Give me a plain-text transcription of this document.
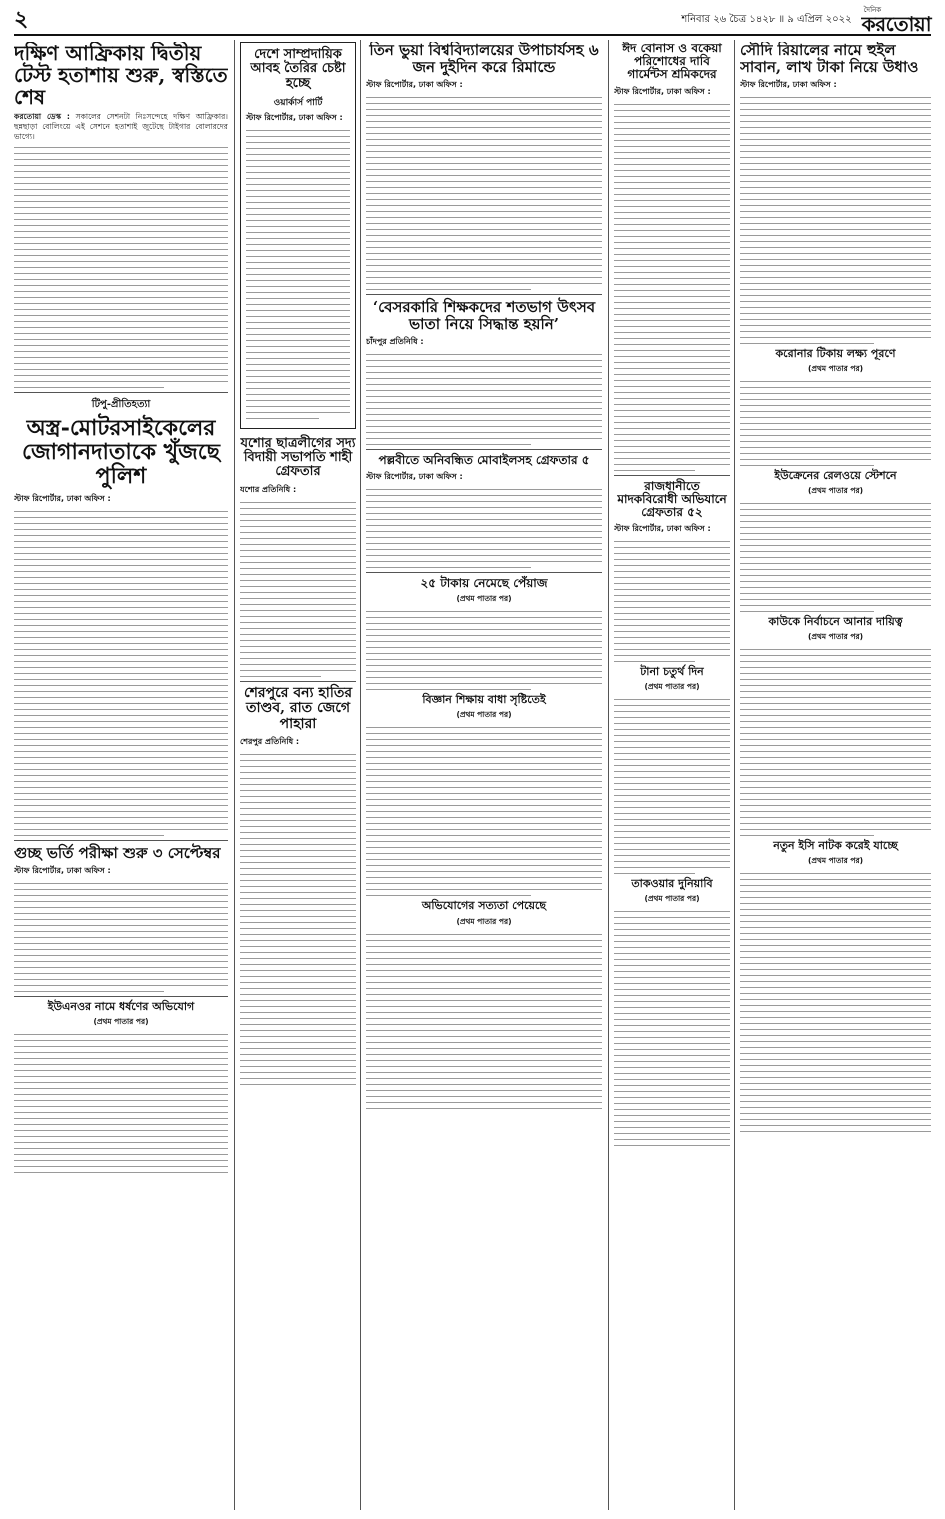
২	শনিবার ২৬ চৈত্র ১৪২৮ ॥ ৯ এপ্রিল ২০২২
দৈনিক
করতোয়া
দক্ষিণ আফ্রিকায় দ্বিতীয় টেস্ট হতাশায় শুরু, স্বস্তিতে শেষ

করতোয়া ডেস্ক : সকালের সেশনটা নিঃসন্দেহে দক্ষিণ আফ্রিকার। ছন্নছাড়া বোলিংয়ে এই সেশনে হতাশাই জুটেছে টাইগার বোলারদের ভাগ্যে।

টিপু-প্রীতিহত্যা
অস্ত্র-মোটরসাইকেলের জোগানদাতাকে খুঁজছে পুলিশ
স্টাফ রিপোর্টার, ঢাকা অফিস :
গুচ্ছ ভর্তি পরীক্ষা শুরু ৩ সেপ্টেম্বর
স্টাফ রিপোর্টার, ঢাকা অফিস :
ইউএনওর নামে ধর্ষণের অভিযোগ
(প্রথম পাতার পর)
দেশে সাম্প্রদায়িক আবহ তৈরির চেষ্টা হচ্ছে
ওয়ার্কার্স পার্টি
স্টাফ রিপোর্টার, ঢাকা অফিস :
যশোর ছাত্রলীগের সদ্য বিদায়ী সভাপতি শাহী গ্রেফতার
যশোর প্রতিনিধি :
শেরপুরে বন্য হাতির তাণ্ডব, রাত জেগে পাহারা
শেরপুর প্রতিনিধি :
তিন ভুয়া বিশ্ববিদ্যালয়ের উপাচার্যসহ ৬ জন দুইদিন করে রিমান্ডে
স্টাফ রিপোর্টার, ঢাকা অফিস :
‘বেসরকারি শিক্ষকদের শতভাগ উৎসব ভাতা নিয়ে সিদ্ধান্ত হয়নি’
চাঁদপুর প্রতিনিধি :
পল্লবীতে অনিবন্ধিত মোবাইলসহ গ্রেফতার ৫
স্টাফ রিপোর্টার, ঢাকা অফিস :
২৫ টাকায় নেমেছে পেঁয়াজ
(প্রথম পাতার পর)
বিজ্ঞান শিক্ষায় বাধা সৃষ্টিতেই
(প্রথম পাতার পর)
অভিযোগের সত্যতা পেয়েছে
(প্রথম পাতার পর)
ঈদ বোনাস ও বকেয়া পরিশোধের দাবি গার্মেন্টস শ্রমিকদের
স্টাফ রিপোর্টার, ঢাকা অফিস :
রাজধানীতে মাদকবিরোধী অভিযানে গ্রেফতার ৫২
স্টাফ রিপোর্টার, ঢাকা অফিস :
টানা চতুর্থ দিন
(প্রথম পাতার পর)
তাকওয়ার দুনিয়াবি
(প্রথম পাতার পর)
সৌদি রিয়ালের নামে হুইল সাবান, লাখ টাকা নিয়ে উধাও
স্টাফ রিপোর্টার, ঢাকা অফিস :
করোনার টিকায় লক্ষ্য পূরণে
(প্রথম পাতার পর)
ইউক্রেনের রেলওয়ে স্টেশনে
(প্রথম পাতার পর)
কাউকে নির্বাচনে আনার দায়িত্ব
(প্রথম পাতার পর)
নতুন ইসি নাটক করেই যাচ্ছে
(প্রথম পাতার পর)
